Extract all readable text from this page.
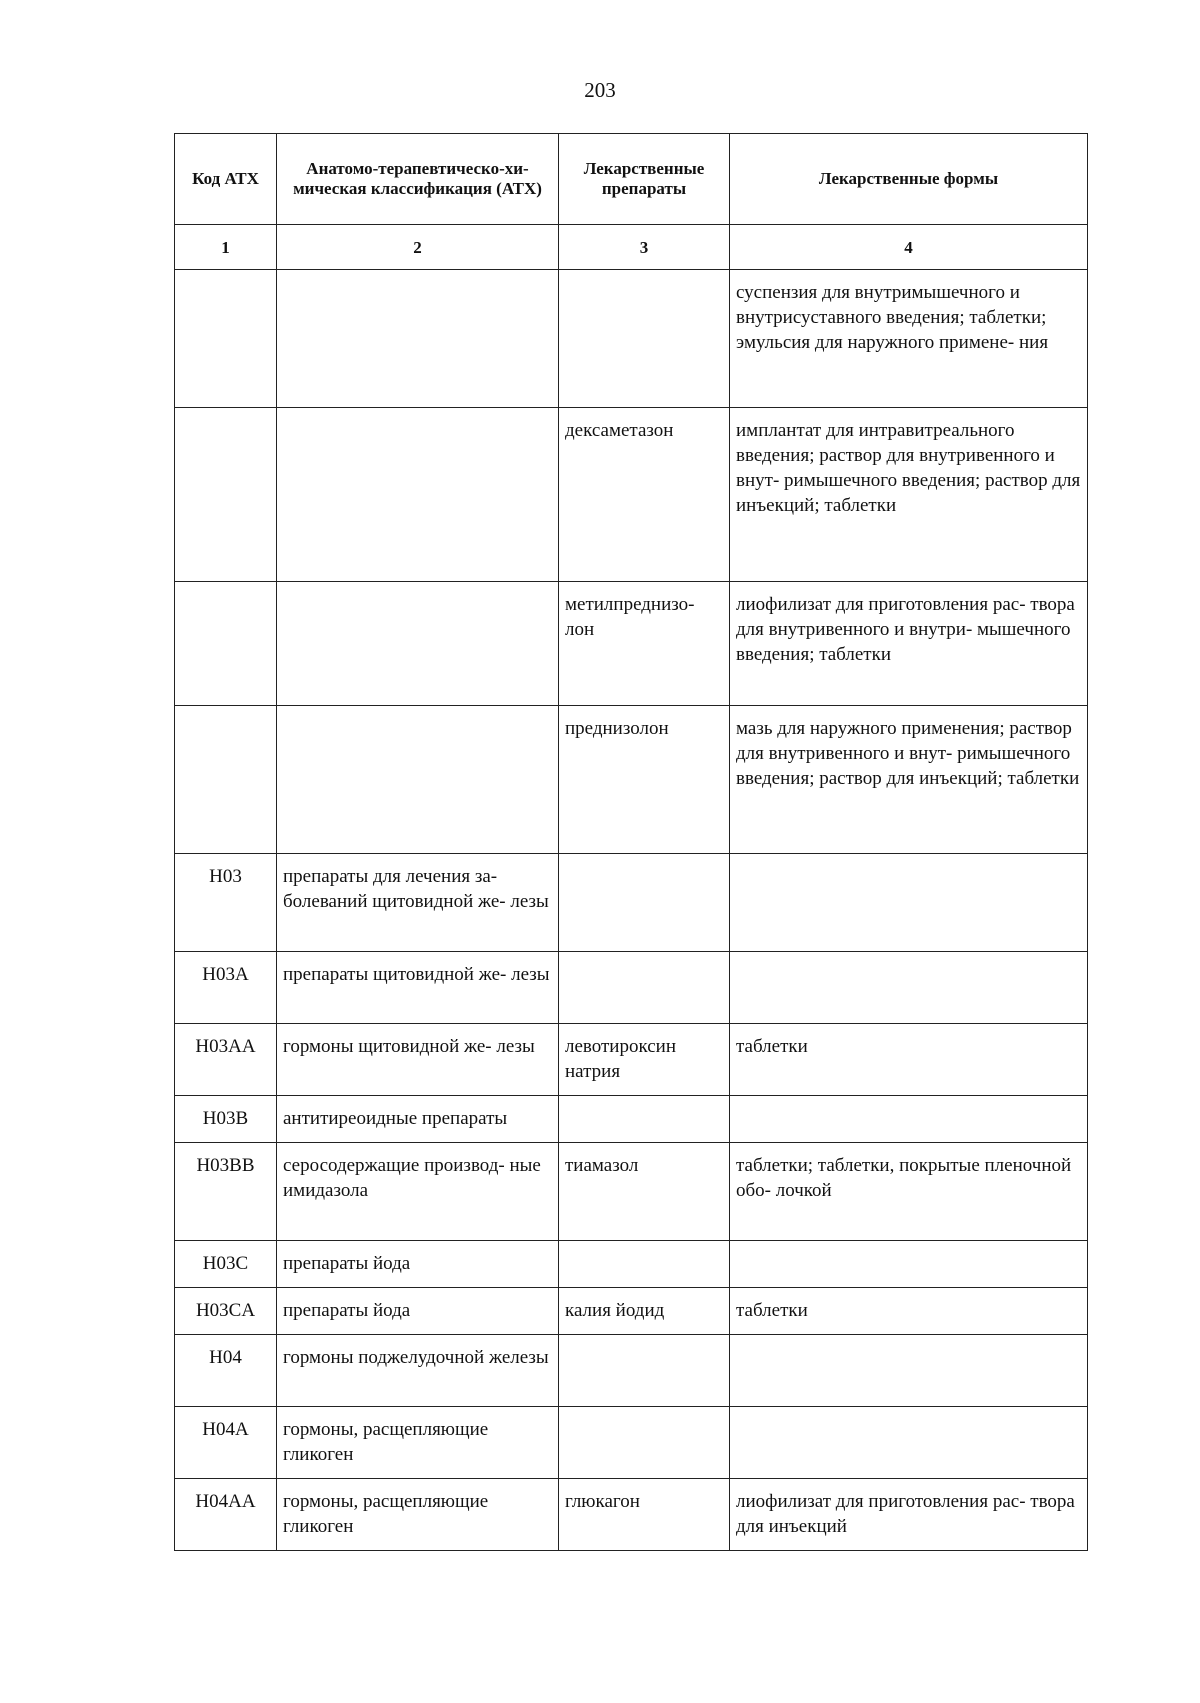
203
Код АТХ	Анатомо-терапевтическо-хи- мическая классификация (АТХ)	Лекарственные препараты	Лекарственные формы
1	2	3	4
			суспензия для внутримышечного и внутрисуставного введения; таблетки; эмульсия для наружного примене- ния
		дексаметазон	имплантат для интравитреального введения; раствор для внутривенного и внут- римышечного введения; раствор для инъекций; таблетки
		метилпреднизо- лон	лиофилизат для приготовления рас- твора для внутривенного и внутри- мышечного введения; таблетки
		преднизолон	мазь для наружного применения; раствор для внутривенного и внут- римышечного введения; раствор для инъекций; таблетки
H03	препараты для лечения за- болеваний щитовидной же- лезы		
H03A	препараты щитовидной же- лезы		
H03AA	гормоны щитовидной же- лезы	левотироксин натрия	таблетки
H03B	антитиреоидные препараты		
H03BB	серосодержащие производ- ные имидазола	тиамазол	таблетки; таблетки, покрытые пленочной обо- лочкой
H03C	препараты йода		
H03CA	препараты йода	калия йодид	таблетки
H04	гормоны поджелудочной железы		
H04A	гормоны, расщепляющие гликоген		
H04AA	гормоны, расщепляющие гликоген	глюкагон	лиофилизат для приготовления рас- твора для инъекций
